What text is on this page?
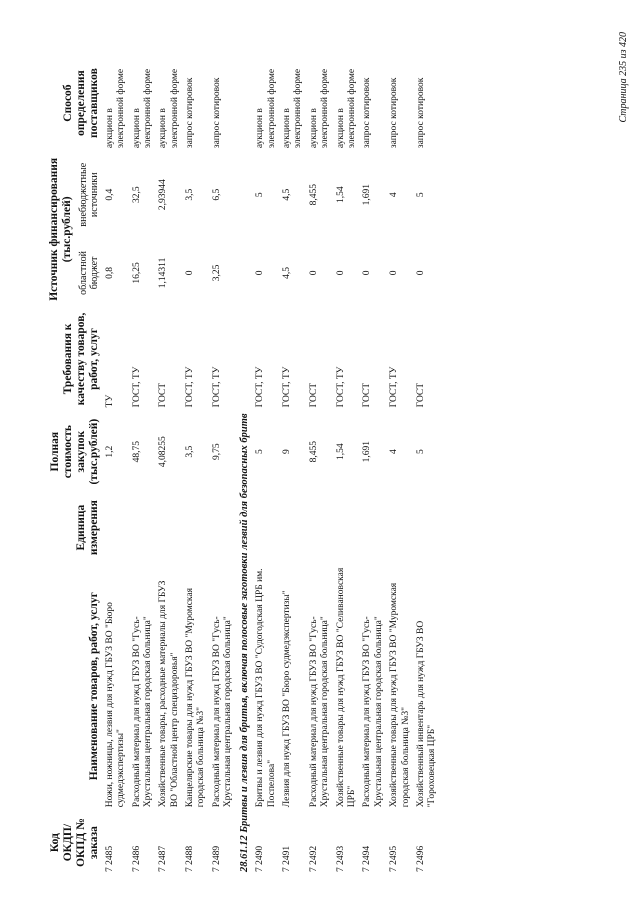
Код ОКДП/ ОКПД № заказа	Наименование товаров, работ, услуг	Единица измерения	Полная стоимость закупок (тыс.рублей)	Требования к качеству товаров, работ, услуг	Источник финансирования (тыс.рублей)		Способ определения поставщиков
					областной бюджет	внебюджетные источники	
7 2485	Ножи, ножницы, лезвия для нужд ГБУЗ ВО "Бюро судмедэкспертизы"		1,2	ТУ	0,8	0,4	аукцион в электронной форме
7 2486	Расходный материал для нужд ГБУЗ ВО "Гусь-Хрустальная центральная городская больница"		48,75	ГОСТ, ТУ	16,25	32,5	аукцион в электронной форме
7 2487	Хозяйственные товары, расходные материалы для ГБУЗ ВО "Областной центр специздоровья"		4,08255	ГОСТ	1,14311	2,93944	аукцион в электронной форме
7 2488	Канцелярские товары для нужд ГБУЗ ВО "Муромская городская больница №3"		3,5	ГОСТ, ТУ	0	3,5	запрос котировок
7 2489	Расходный материал для нужд ГБУЗ ВО "Гусь-Хрустальная центральная городская больница"		9,75	ГОСТ, ТУ	3,25	6,5	запрос котировок
28.61.12 Бритвы и лезвия для бритья, включая полосовые заготовки лезвий для безопасных бритв							
7 2490	Бритвы и лезвия для нужд ГБУЗ ВО "Судогодская ЦРБ им. Поспелова"		5	ГОСТ, ТУ	0	5	аукцион в электронной форме
7 2491	Лезвия для нужд ГБУЗ ВО "Бюро судмедэкспертизы"		9	ГОСТ, ТУ	4,5	4,5	аукцион в электронной форме
7 2492	Расходный материал для нужд ГБУЗ ВО "Гусь-Хрустальная центральная городская больница"		8,455	ГОСТ	0	8,455	аукцион в электронной форме
7 2493	Хозяйственные товары для нужд ГБУЗ ВО "Селивановская ЦРБ"		1,54	ГОСТ, ТУ	0	1,54	аукцион в электронной форме
7 2494	Расходный материал для нужд ГБУЗ ВО "Гусь-Хрустальная центральная городская больница"		1,691	ГОСТ	0	1,691	запрос котировок
7 2495	Хозяйственные товары для нужд ГБУЗ ВО "Муромская городская больница №3"		4	ГОСТ, ТУ	0	4	запрос котировок
7 2496	Хозяйственный инвентарь для нужд ГБУЗ ВО "Гороховецкая ЦРБ"		5	ГОСТ	0	5	запрос котировок	Страница 235 из 420
